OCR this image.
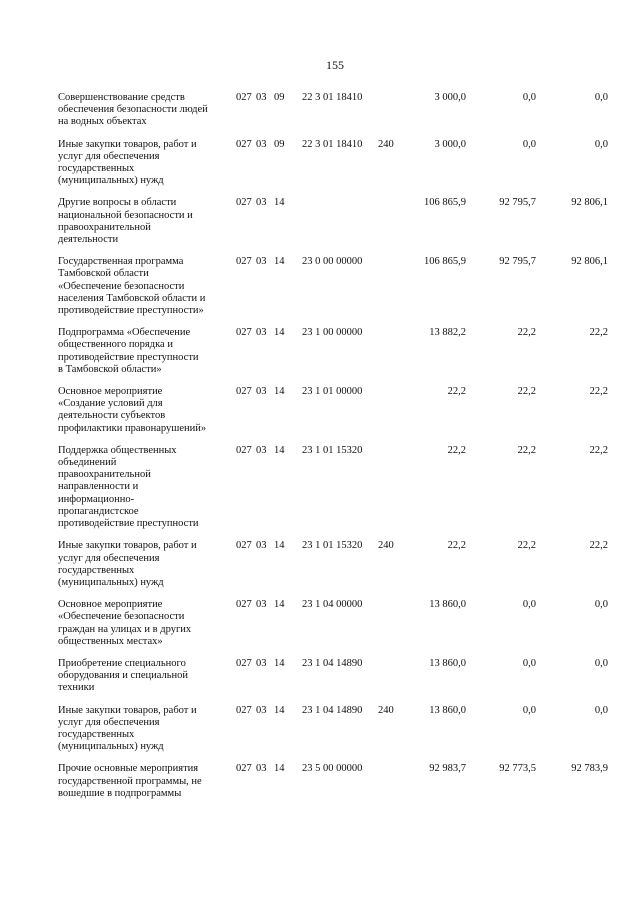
155
Совершенствование средств
обеспечения безопасности людей
на водных объектах
027 03 09 22 3 01 18410	3 000,0	0,0	0,0
Иные закупки товаров, работ и
услуг для обеспечения
государственных
(муниципальных) нужд
027 03 09 22 3 01 18410 240	3 000,0	0,0	0,0
Другие вопросы в области
национальной безопасности и
правоохранительной
деятельности
027 03 14	106 865,9	92 795,7	92 806,1
Государственная программа
Тамбовской области
«Обеспечение безопасности
населения Тамбовской области и
противодействие преступности»
027 03 14 23 0 00 00000	106 865,9	92 795,7	92 806,1
Подпрограмма «Обеспечение
общественного порядка и
противодействие преступности
в Тамбовской области»
027 03 14 23 1 00 00000	13 882,2	22,2	22,2
Основное мероприятие
«Создание условий для
деятельности субъектов
профилактики правонарушений»
027 03 14 23 1 01 00000	22,2	22,2	22,2
Поддержка общественных
объединений
правоохранительной
направленности и
информационно-
пропагандистское
противодействие преступности
027 03 14 23 1 01 15320	22,2	22,2	22,2
Иные закупки товаров, работ и
услуг для обеспечения
государственных
(муниципальных) нужд
027 03 14 23 1 01 15320 240	22,2	22,2	22,2
Основное мероприятие
«Обеспечение безопасности
граждан на улицах и в других
общественных местах»
027 03 14 23 1 04 00000	13 860,0	0,0	0,0
Приобретение специального
оборудования и специальной
техники
027 03 14 23 1 04 14890	13 860,0	0,0	0,0
Иные закупки товаров, работ и
услуг для обеспечения
государственных
(муниципальных) нужд
027 03 14 23 1 04 14890 240	13 860,0	0,0	0,0
Прочие основные мероприятия
государственной программы, не
вошедшие в подпрограммы
027 03 14 23 5 00 00000	92 983,7	92 773,5	92 783,9
